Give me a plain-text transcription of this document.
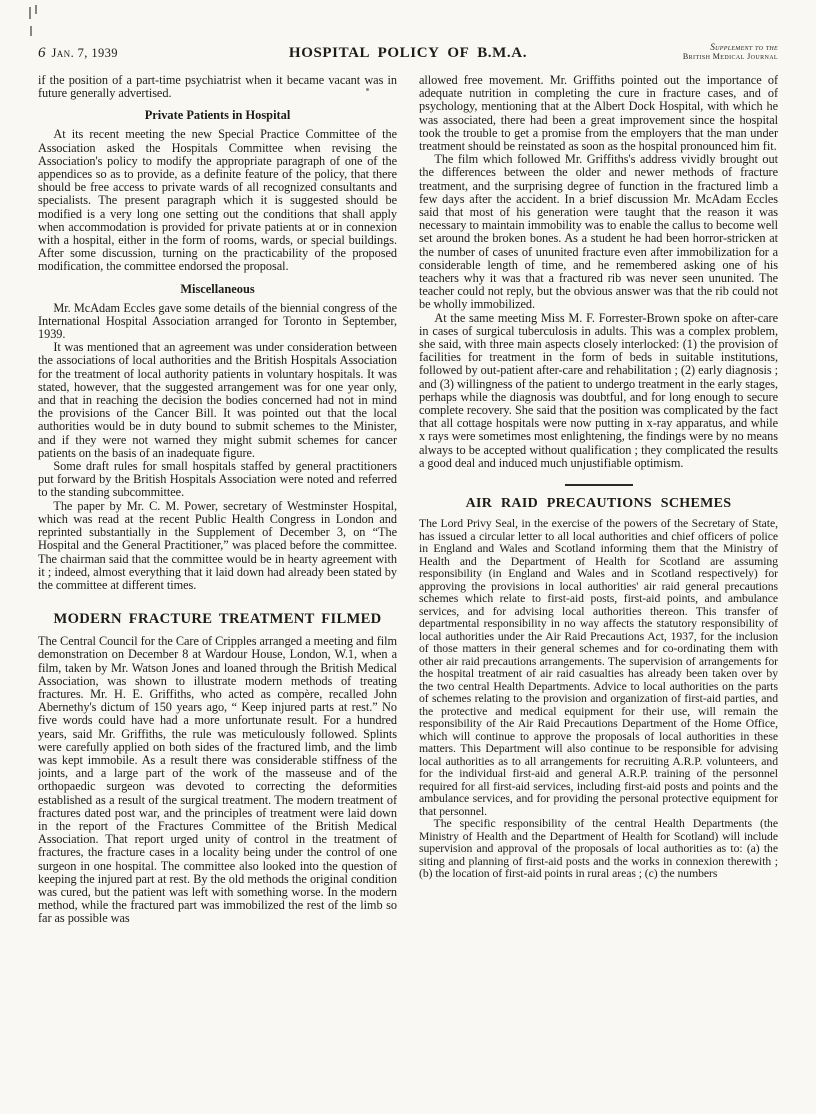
6 Jan. 7, 1939	HOSPITAL POLICY OF B.M.A.	Supplement to the
British Medical Journal

if the position of a part-time psychiatrist when it became vacant was in future generally advertised.

Private Patients in Hospital

At its recent meeting the new Special Practice Committee of the Association asked the Hospitals Committee when revising the Association's policy to modify the appropriate paragraph of one of the appendices so as to provide, as a definite feature of the policy, that there should be free access to private wards of all recognized consultants and specialists. The present paragraph which it is suggested should be modified is a very long one setting out the conditions that shall apply when accommodation is provided for private patients at or in connexion with a hospital, either in the form of rooms, wards, or special buildings. After some discussion, turning on the practicability of the proposed modification, the committee endorsed the proposal.

Miscellaneous

Mr. McAdam Eccles gave some details of the biennial congress of the International Hospital Association arranged for Toronto in September, 1939.

It was mentioned that an agreement was under consideration between the associations of local authorities and the British Hospitals Association for the treatment of local authority patients in voluntary hospitals. It was stated, however, that the suggested arrangement was for one year only, and that in reaching the decision the bodies concerned had not in mind the provisions of the Cancer Bill. It was pointed out that the local authorities would be in duty bound to submit schemes to the Minister, and if they were not warned they might submit schemes for cancer patients on the basis of an inadequate figure.

Some draft rules for small hospitals staffed by general practitioners put forward by the British Hospitals Association were noted and referred to the standing subcommittee.

The paper by Mr. C. M. Power, secretary of Westminster Hospital, which was read at the recent Public Health Congress in London and reprinted substantially in the Supplement of December 3, on “The Hospital and the General Practitioner,” was placed before the committee. The chairman said that the committee would be in hearty agreement with it ; indeed, almost everything that it laid down had already been stated by the committee at different times.

MODERN FRACTURE TREATMENT FILMED

The Central Council for the Care of Cripples arranged a meeting and film demonstration on December 8 at Wardour House, London, W.1, when a film, taken by Mr. Watson Jones and loaned through the British Medical Association, was shown to illustrate modern methods of treating fractures. Mr. H. E. Griffiths, who acted as compère, recalled John Abernethy's dictum of 150 years ago, “ Keep injured parts at rest.” No five words could have had a more unfortunate result. For a hundred years, said Mr. Griffiths, the rule was meticulously followed. Splints were carefully applied on both sides of the fractured limb, and the limb was kept immobile. As a result there was considerable stiffness of the joints, and a large part of the work of the masseuse and of the orthopaedic surgeon was devoted to correcting the deformities established as a result of the surgical treatment. The modern treatment of fractures dated post war, and the principles of treatment were laid down in the report of the Fractures Committee of the British Medical Association. That report urged unity of control in the treatment of fractures, the fracture cases in a locality being under the control of one surgeon in one hospital. The committee also looked into the question of keeping the injured part at rest. By the old methods the original condition was cured, but the patient was left with something worse. In the modern method, while the fractured part was immobilized the rest of the limb so far as possible was

allowed free movement. Mr. Griffiths pointed out the importance of adequate nutrition in completing the cure in fracture cases, and of psychology, mentioning that at the Albert Dock Hospital, with which he was associated, there had been a great improvement since the hospital took the trouble to get a promise from the employers that the man under treatment should be reinstated as soon as the hospital pronounced him fit.

The film which followed Mr. Griffiths's address vividly brought out the differences between the older and newer methods of fracture treatment, and the surprising degree of function in the fractured limb a few days after the accident. In a brief discussion Mr. McAdam Eccles said that most of his generation were taught that the reason it was necessary to maintain immobility was to enable the callus to become well set around the broken bones. As a student he had been horror-stricken at the number of cases of ununited fracture even after immobilization for a considerable length of time, and he remembered asking one of his teachers why it was that a fractured rib was never seen ununited. The teacher could not reply, but the obvious answer was that the rib could not be wholly immobilized.

At the same meeting Miss M. F. Forrester-Brown spoke on after-care in cases of surgical tuberculosis in adults. This was a complex problem, she said, with three main aspects closely interlocked: (1) the provision of facilities for treatment in the form of beds in suitable institutions, followed by out-patient after-care and rehabilitation ; (2) early diagnosis ; and (3) willingness of the patient to undergo treatment in the early stages, perhaps while the diagnosis was doubtful, and for long enough to secure complete recovery. She said that the position was complicated by the fact that all cottage hospitals were now putting in x-ray apparatus, and while x rays were sometimes most enlightening, the findings were by no means always to be accepted without qualification ; they complicated the results a good deal and induced much unjustifiable optimism.

AIR RAID PRECAUTIONS SCHEMES

The Lord Privy Seal, in the exercise of the powers of the Secretary of State, has issued a circular letter to all local authorities and chief officers of police in England and Wales and Scotland informing them that the Ministry of Health and the Department of Health for Scotland are assuming responsibility (in England and Wales and in Scotland respectively) for approving the provisions in local authorities' air raid general precautions schemes which relate to first-aid posts, first-aid points, and ambulance services, and for advising local authorities thereon. This transfer of departmental responsibility in no way affects the statutory responsibility of local authorities under the Air Raid Precautions Act, 1937, for the inclusion of those matters in their general schemes and for co-ordinating them with other air raid precautions arrangements. The supervision of arrangements for the hospital treatment of air raid casualties has already been taken over by the two central Health Departments. Advice to local authorities on the parts of schemes relating to the provision and organization of first-aid parties, and the protective and medical equipment for their use, will remain the responsibility of the Air Raid Precautions Department of the Home Office, which will continue to approve the proposals of local authorities in these matters. This Department will also continue to be responsible for advising local authorities as to all arrangements for recruiting A.R.P. volunteers, and for the individual first-aid and general A.R.P. training of the personnel required for all first-aid services, including first-aid posts and points and the ambulance services, and for providing the personal protective equipment for that personnel.

The specific responsibility of the central Health Departments (the Ministry of Health and the Department of Health for Scotland) will include supervision and approval of the proposals of local authorities as to: (a) the siting and planning of first-aid posts and the works in connexion therewith ; (b) the location of first-aid points in rural areas ; (c) the numbers
